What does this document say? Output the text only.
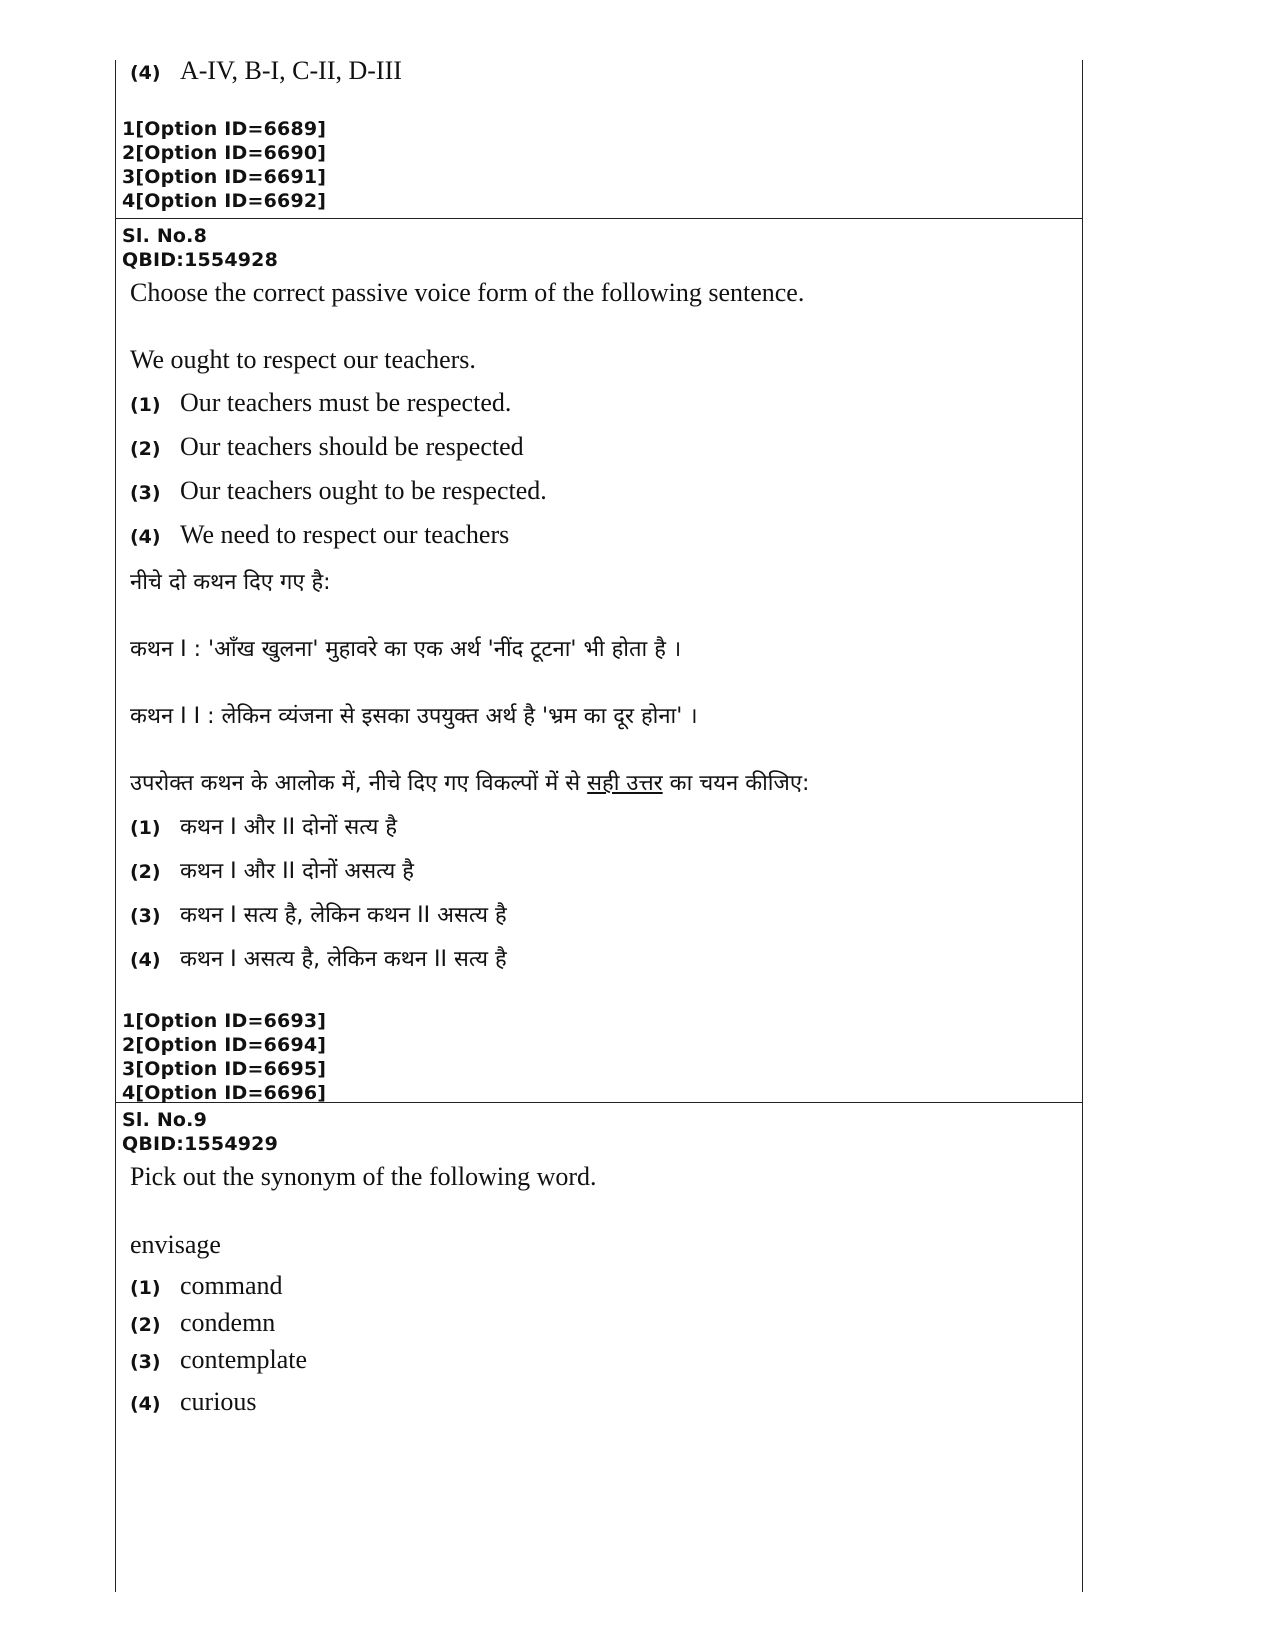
(4) A-IV, B-I, C-II, D-III
1[Option ID=6689]
2[Option ID=6690]
3[Option ID=6691]
4[Option ID=6692]
Sl. No.8
QBID:1554928
Choose the correct passive voice form of the following sentence.
We ought to respect our teachers.
(1) Our teachers must be respected.
(2) Our teachers should be respected
(3) Our teachers ought to be respected.
(4) We need to respect our teachers
नीचे दो कथन दिए गए है:
कथन I : 'आँख खुलना' मुहावरे का एक अर्थ 'नींद टूटना' भी होता है ।
कथन I I : लेकिन व्यंजना से इसका उपयुक्त अर्थ है 'भ्रम का दूर होना' ।
उपरोक्त कथन के आलोक में, नीचे दिए गए विकल्पों में से सही उत्तर का चयन कीजिए:
(1) कथन I और II दोनों सत्य है
(2) कथन I और II दोनों असत्य है
(3) कथन I सत्य है, लेकिन कथन II असत्य है
(4) कथन I असत्य है, लेकिन कथन II सत्य है
1[Option ID=6693]
2[Option ID=6694]
3[Option ID=6695]
4[Option ID=6696]
Sl. No.9
QBID:1554929
Pick out the synonym of the following word.
envisage
(1) command
(2) condemn
(3) contemplate
(4) curious
